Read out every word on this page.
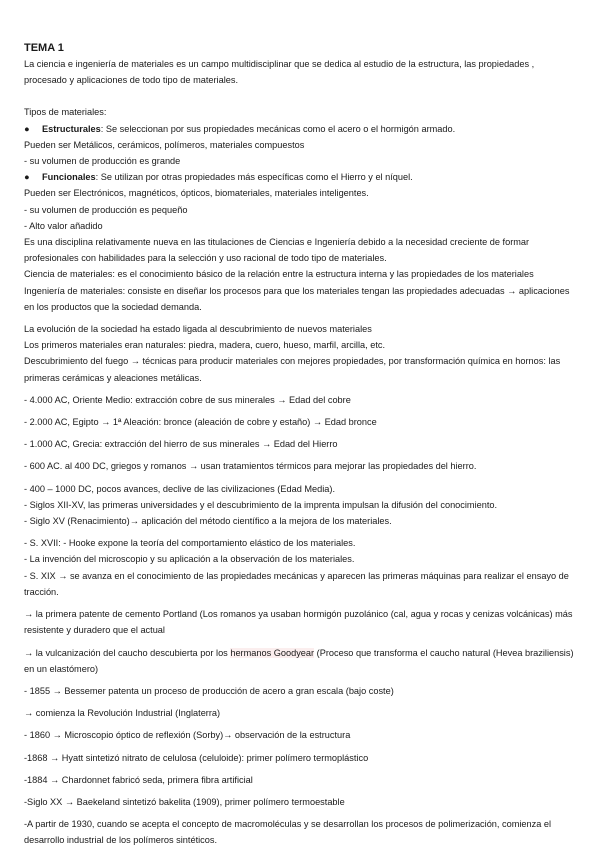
TEMA 1

La ciencia e ingeniería de materiales es un campo multidisciplinar que se dedica al estudio de la estructura, las propiedades , procesado y aplicaciones de todo tipo de materiales.

Tipos de materiales:

●	Estructurales: Se seleccionan por sus propiedades mecánicas como el acero o el hormigón armado.

Pueden ser Metálicos, cerámicos, polímeros, materiales compuestos

- su volumen de producción es grande

●	Funcionales: Se utilizan por otras propiedades más específicas como el Hierro y el níquel.

Pueden ser Electrónicos, magnéticos, ópticos, biomateriales, materiales inteligentes.

- su volumen de producción es pequeño

- Alto valor añadido

Es una disciplina relativamente nueva en las titulaciones de Ciencias e Ingeniería debido a la necesidad creciente de formar profesionales con habilidades para la selección y uso racional de todo tipo de materiales.

Ciencia de materiales: es el conocimiento básico de la relación entre la estructura interna y las propiedades de los materiales

Ingeniería de materiales: consiste en diseñar los procesos para que los materiales tengan las propiedades adecuadas → aplicaciones en los productos que la sociedad demanda.

La evolución de la sociedad ha estado ligada al descubrimiento de nuevos materiales

Los primeros materiales eran naturales: piedra, madera, cuero, hueso, marfil, arcilla, etc.

Descubrimiento del fuego → técnicas para producir materiales con mejores propiedades, por transformación química en hornos: las primeras cerámicas y aleaciones metálicas.

- 4.000 AC, Oriente Medio: extracción cobre de sus minerales → Edad del cobre

- 2.000 AC, Egipto → 1ª Aleación: bronce (aleación de cobre y estaño) → Edad bronce

- 1.000 AC, Grecia: extracción del hierro de sus minerales → Edad del Hierro

- 600 AC. al 400 DC, griegos y romanos → usan tratamientos térmicos para mejorar las propiedades del hierro.

- 400 – 1000 DC, pocos avances, declive de las civilizaciones (Edad Media).

- Siglos XII-XV, las primeras universidades y el descubrimiento de la imprenta impulsan la difusión del conocimiento.

- Siglo XV (Renacimiento)→ aplicación del método científico a la mejora de los materiales.

- S. XVII: - Hooke expone la teoría del comportamiento elástico de los materiales.

- La invención del microscopio y su aplicación a la observación de los materiales.

- S. XIX → se avanza en el conocimiento de las propiedades mecánicas y aparecen las primeras máquinas para realizar el ensayo de tracción.

→ la primera patente de cemento Portland (Los romanos ya usaban hormigón puzolánico (cal, agua y rocas y cenizas volcánicas) más resistente y duradero que el actual

→ la vulcanización del caucho descubierta por los hermanos Goodyear (Proceso que transforma el caucho natural (Hevea braziliensis) en un elastómero)

- 1855 → Bessemer patenta un proceso de producción de acero a gran escala (bajo coste)

→ comienza la Revolución Industrial (Inglaterra)

- 1860 → Microscopio óptico de reflexión (Sorby)→ observación de la estructura

-1868 → Hyatt sintetizó nitrato de celulosa (celuloide): primer polímero termoplástico

-1884 → Chardonnet fabricó seda, primera fibra artificial

-Siglo XX → Baekeland sintetizó bakelita (1909), primer polímero termoestable

-A partir de 1930, cuando se acepta el concepto de macromoléculas y se desarrollan los procesos de polimerización, comienza el desarrollo industrial de los polímeros sintéticos.
